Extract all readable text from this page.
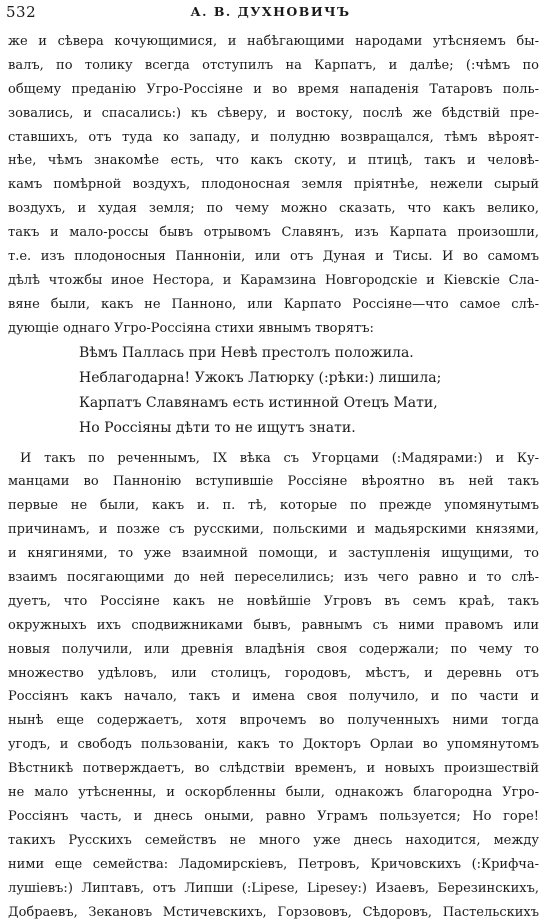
532	А. В. ДУХНОВИЧЪ
же и сѣвера кочующимися, и набѣгающими народами утѣсняемъ бы-
валъ, по толику всегда отступилъ на Карпатъ, и далѣе; (:чѣмъ по
общему преданію Угро-Россіяне и во время нападенія Татаровъ поль-
зовались, и спасались:) къ сѣверу, и востоку, послѣ же бѣдствій пре-
ставшихъ, отъ туда ко западу, и полудню возвращался, тѣмъ вѣроят-
нѣе, чѣмъ знакомѣе есть, что какъ скоту, и птицѣ, такъ и человѣ-
камъ помѣрной воздухъ, плодоносная земля пріятнѣе, нежели сырый
воздухъ, и худая земля; по чему можно сказать, что какъ велико,
такъ и мало-россы бывъ отрывомъ Славянъ, изъ Карпата произошли,
т.е. изъ плодоносныя Панноніи, или отъ Дуная и Тисы. И во самомъ
дѣлѣ чтожбы иное Нестора, и Карамзина Новгородскіе и Кіевскіе Сла-
вяне были, какъ не Панноно, или Карпато Россіяне—что самое слѣ-
дующіе однаго Угро-Россіяна стихи явнымъ творятъ:
Вѣмъ Паллась при Невѣ престолъ положила.
Неблагодарна! Ужокъ Латюрку (:рѣки:) лишила;
Карпатъ Славянамъ есть истинной Отецъ Мати,
Но Россіяны дѣти то не ищутъ знати.
И такъ по реченнымъ, IX вѣка съ Угорцами (:Мадярами:) и Ку-
манцами во Паннонію вступившіе Россіяне вѣроятно въ ней такъ
первые не были, какъ и. п. тѣ, которые по прежде упомянутымъ
причинамъ, и позже съ русскими, польскими и мадьярскими князями,
и княгинями, то уже взаимной помощи, и заступленія ищущими, то
взаимъ посягающими до ней переселились; изъ чего равно и то слѣ-
дуетъ, что Россіяне какъ не новѣйшіе Угровъ въ семъ краѣ, такъ
окружныхъ ихъ сподвижниками бывъ, равнымъ съ ними правомъ или
новыя получили, или древнія владѣнія своя содержали; по чему то
множество удѣловъ, или столицъ, городовъ, мѣстъ, и деревнь отъ
Россіянъ какъ начало, такъ и имена своя получило, и по части и
нынѣ еще содержаетъ, хотя впрочемъ во полученныхъ ними тогда
угодъ, и свободъ пользованіи, какъ то Докторъ Орлаи во упомянутомъ
Вѣстникѣ потверждаетъ, во слѣдствіи временъ, и новыхъ произшествій
не мало утѣсненны, и оскорбленны были, однакожъ благородна Угро-
Россіянъ часть, и днесь оными, равно Уграмъ пользуется; Но горе!
такихъ Русскихъ семействъ не много уже днесь находится, между
ними еще семейства: Ладомирскіевъ, Петровъ, Кричовскихъ (:Крифча-
лушіевъ:) Липтавъ, отъ Липши (:Lipese, Lipesey:) Изаевъ, Березинскихъ,
Добраевъ, Зекановъ Мстичевскихъ, Горзововъ, Сѣдоровъ, Пастельскихъ
